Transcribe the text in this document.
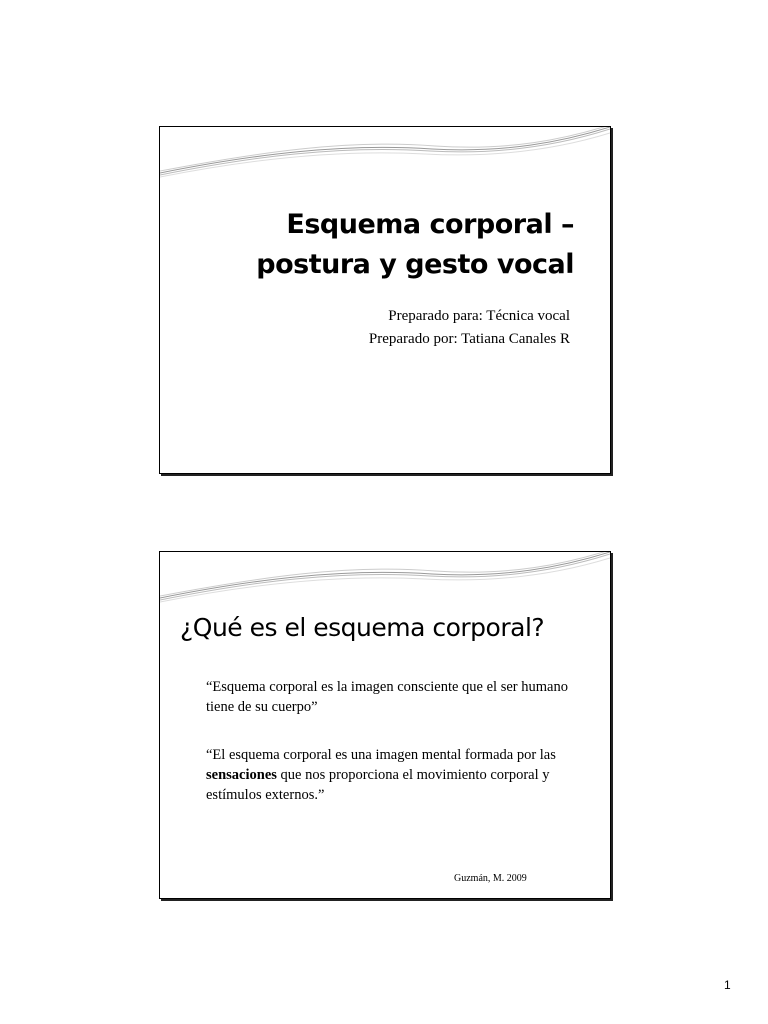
Esquema corporal –
postura y gesto vocal
Preparado para: Técnica vocal
Preparado por: Tatiana Canales R
¿Qué es el esquema corporal?
“Esquema corporal es la imagen consciente que el ser humano tiene de su cuerpo”
“El esquema corporal es una imagen mental formada por las sensaciones que nos proporciona el movimiento corporal y estímulos externos.”
Guzmán, M. 2009
1
